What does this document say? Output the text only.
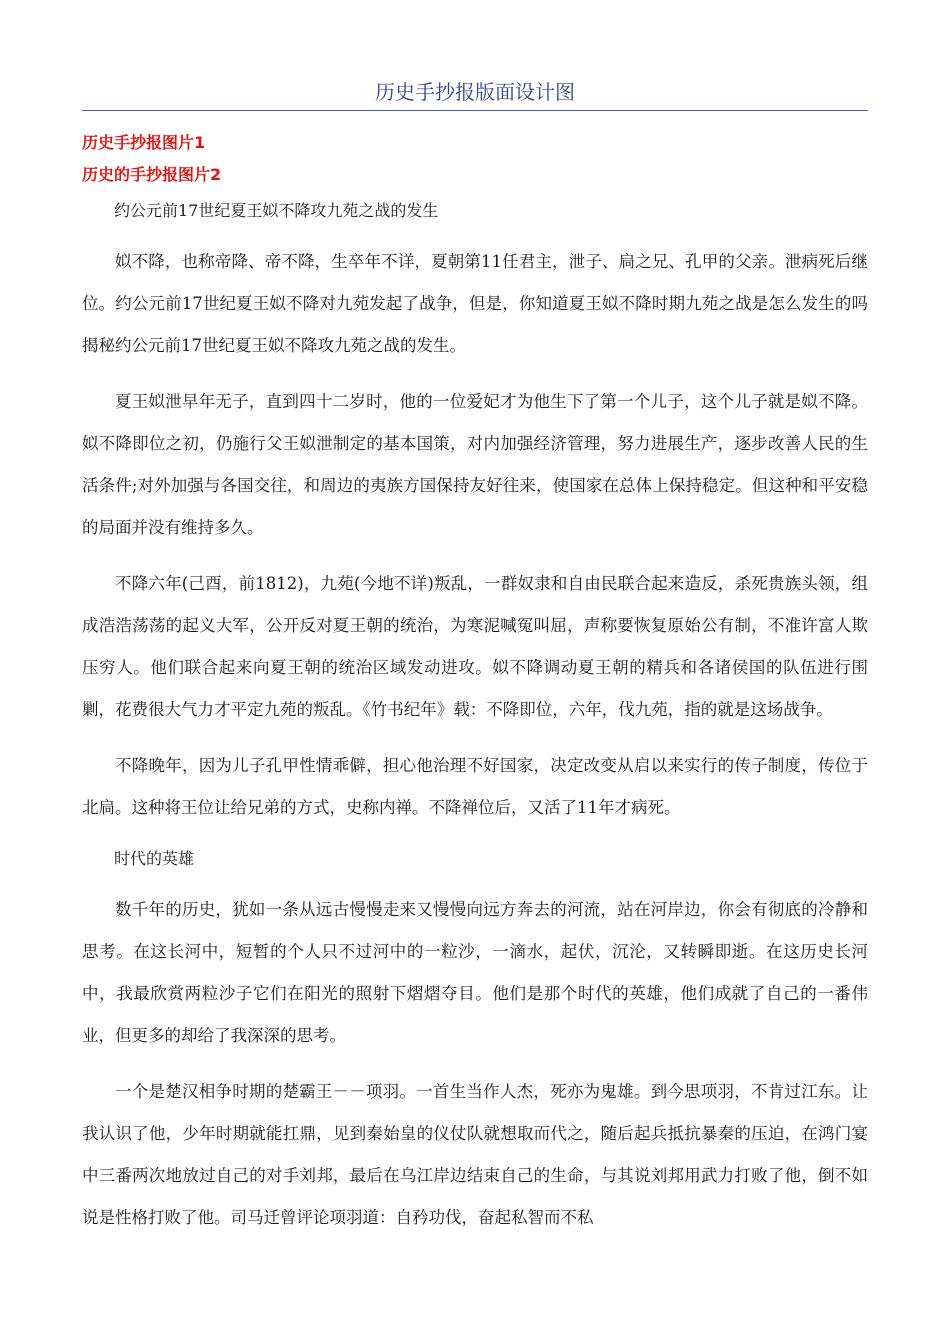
历史手抄报版面设计图
历史手抄报图片1
历史的手抄报图片2
约公元前17世纪夏王姒不降攻九苑之战的发生

姒不降，也称帝降、帝不降，生卒年不详，夏朝第11任君主，泄子、扃之兄、孔甲的父亲。泄病死后继位。约公元前17世纪夏王姒不降对九苑发起了战争，但是，你知道夏王姒不降时期九苑之战是怎么发生的吗揭秘约公元前17世纪夏王姒不降攻九苑之战的发生。

夏王姒泄早年无子，直到四十二岁时，他的一位爱妃才为他生下了第一个儿子，这个儿子就是姒不降。姒不降即位之初，仍施行父王姒泄制定的基本国策，对内加强经济管理，努力进展生产，逐步改善人民的生活条件;对外加强与各国交往，和周边的夷族方国保持友好往来，使国家在总体上保持稳定。但这种和平安稳的局面并没有维持多久。

不降六年(己酉，前1812)，九苑(今地不详)叛乱，一群奴隶和自由民联合起来造反，杀死贵族头领，组成浩浩荡荡的起义大军，公开反对夏王朝的统治，为寒泥喊冤叫屈，声称要恢复原始公有制，不准许富人欺压穷人。他们联合起来向夏王朝的统治区域发动进攻。姒不降调动夏王朝的精兵和各诸侯国的队伍进行围剿，花费很大气力才平定九苑的叛乱。《竹书纪年》载：不降即位，六年，伐九苑，指的就是这场战争。

不降晚年，因为儿子孔甲性情乖僻，担心他治理不好国家，决定改变从启以来实行的传子制度，传位于北扃。这种将王位让给兄弟的方式，史称内禅。不降禅位后，又活了11年才病死。

时代的英雄

数千年的历史，犹如一条从远古慢慢走来又慢慢向远方奔去的河流，站在河岸边，你会有彻底的冷静和思考。在这长河中，短暂的个人只不过河中的一粒沙，一滴水，起伏，沉沦，又转瞬即逝。在这历史长河中，我最欣赏两粒沙子它们在阳光的照射下熠熠夺目。他们是那个时代的英雄，他们成就了自己的一番伟业，但更多的却给了我深深的思考。

一个是楚汉相争时期的楚霸王－－项羽。一首生当作人杰，死亦为鬼雄。到今思项羽，不肯过江东。让我认识了他，少年时期就能扛鼎，见到秦始皇的仪仗队就想取而代之，随后起兵抵抗暴秦的压迫，在鸿门宴中三番两次地放过自己的对手刘邦，最后在乌江岸边结束自己的生命，与其说刘邦用武力打败了他，倒不如说是性格打败了他。司马迁曾评论项羽道：自矜功伐，奋起私智而不私
